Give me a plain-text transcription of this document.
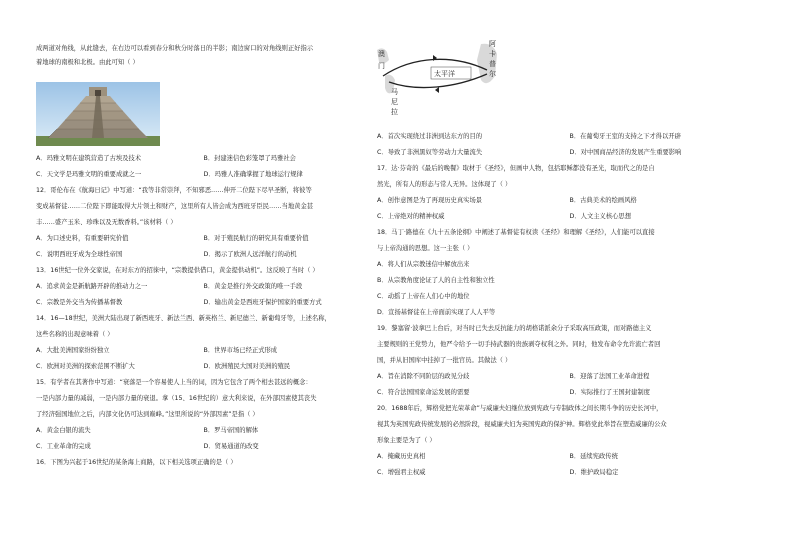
成两道对角线，从此缝去，在右边可以看到春分和秋分时落日的半影；南边窗口的对角线则正好指示
着地球的南极和北极。由此可知（ ）
A．玛雅文明在建筑营造了古埃及技术	B．封建迷信色彩笼罩了玛雅社会
C．天文学是玛雅文明的重要成就之一	D．玛雅人准确掌握了地球运行规律
12．哥伦布在《航海日记》中写道：“我等非常崇拜，不知邪恶……伸开二位陛下尽早圣断，将彼等
变成基督徒……二位陛下即能取得大片领土和财产，这里所有人皆会成为西班牙臣民……当地黄金甚
丰……盛产玉米、珍珠以及无数香料。”该材料（ ）
A．为口述史料，有重要研究价值	B．对于殖民航行的研究具有重要价值
C．说明西班牙成为全球性帝国	D．揭示了欧洲人远洋航行的动机
13．16世纪一位外交家说，在对东方的招徕中，“宗教提供借口，黄金提供动机”。这反映了当时（ ）
A．追求黄金是新航路开辟的推动力之一	B．黄金是推行外交政策的唯一手段
C．宗教是外交当为传播基督教	D．输出黄金是西班牙保护国家的重要方式
14．16—18世纪，美洲大陆出现了新西班牙、新法兰西、新英格兰、新尼德兰、新葡萄牙等，上述名称，
这些名称的出现意味着（ ）
A．大批美洲国家纷纷独立	B．世界市场已经正式形成
C．欧洲对美洲的探索范围不断扩大	D．欧洲殖民大国对美洲的殖民
15．有学者在其著作中写道：“衰落是一个容易使人上当的词，因为它包含了两个相去甚远的概念：
一是内部力量的减弱，一是内部力量的衰退。拿（15、16世纪的）意大利来说，在外部因素使其丧失
了经济强国地位之后，内部文化仍可达到巅峰。”这里所说的“外部因素”是指（ ）
A．黄金白银的流失	B．罗马帝国的解体
C．工业革命的完成	D．贸易通道的改变
16．下图为兴起于16世纪的某条海上商路，以下相关选项正确的是（ ）
太平洋
澳
门
阿
卡
普
尔
马
尼
拉
A．首次实现绕过非洲到达东方的目的	B．在葡萄牙王室的支持之下才得以开辟
C．导致了非洲黑奴等劳动力大量流失	D．对中国商品经济的发展产生重要影响
17．达·芬奇的《最后的晚餐》取材于《圣经》，但画中人物，包括耶稣都没有圣光，取而代之的是自
然光，所有人的形态与常人无异。这体现了（ ）
A．创作意图是为了再现历史真实场景	B．古典美术的绘画风格
C．上帝绝对的精神权威	D．人文主义核心思想
18．马丁·路德在《九十五条论纲》中阐述了基督徒有权读《圣经》和理解《圣经》，人们能可以直接
与上帝沟通的思想。这一主张（ ）
A．将人们从宗教迷信中解放出来
B．从宗教角度论证了人的自主性和独立性
C．动摇了上帝在人们心中的地位
D．宣扬基督徒在上帝面前实现了人人平等
19．黎塞留·波拿巴上台后，对当时已失去反抗能力的胡格诺派余分子采取高压政策，而对路德主义
主要规则的王党势力，他严令给予一切手持武器的贵族剥夺权利之外。同时，他发布命令允许流亡者回
国，并从旧国库中挂掉了一批官员。其做法（ ）
A．旨在消除不同阶层的政见分歧	B．迎落了法国工业革命进程
C．符合法国国家命运发展的需要	D．实际推行了王国封建制度
20．1688年后，辉格党把光荣革命”与威廉夫妇继位放到宪政与专制政体之间长期斗争的历史长河中，
视其为英国宪政传统发展的必然阶段，视威廉夫妇为英国宪政的保护神。辉格党此举旨在塑造威廉的公众
形象主要是为了（ ）
A．掩藏历史真相	B．延续宪政传统
C．增强君主权威	D．维护政局稳定
